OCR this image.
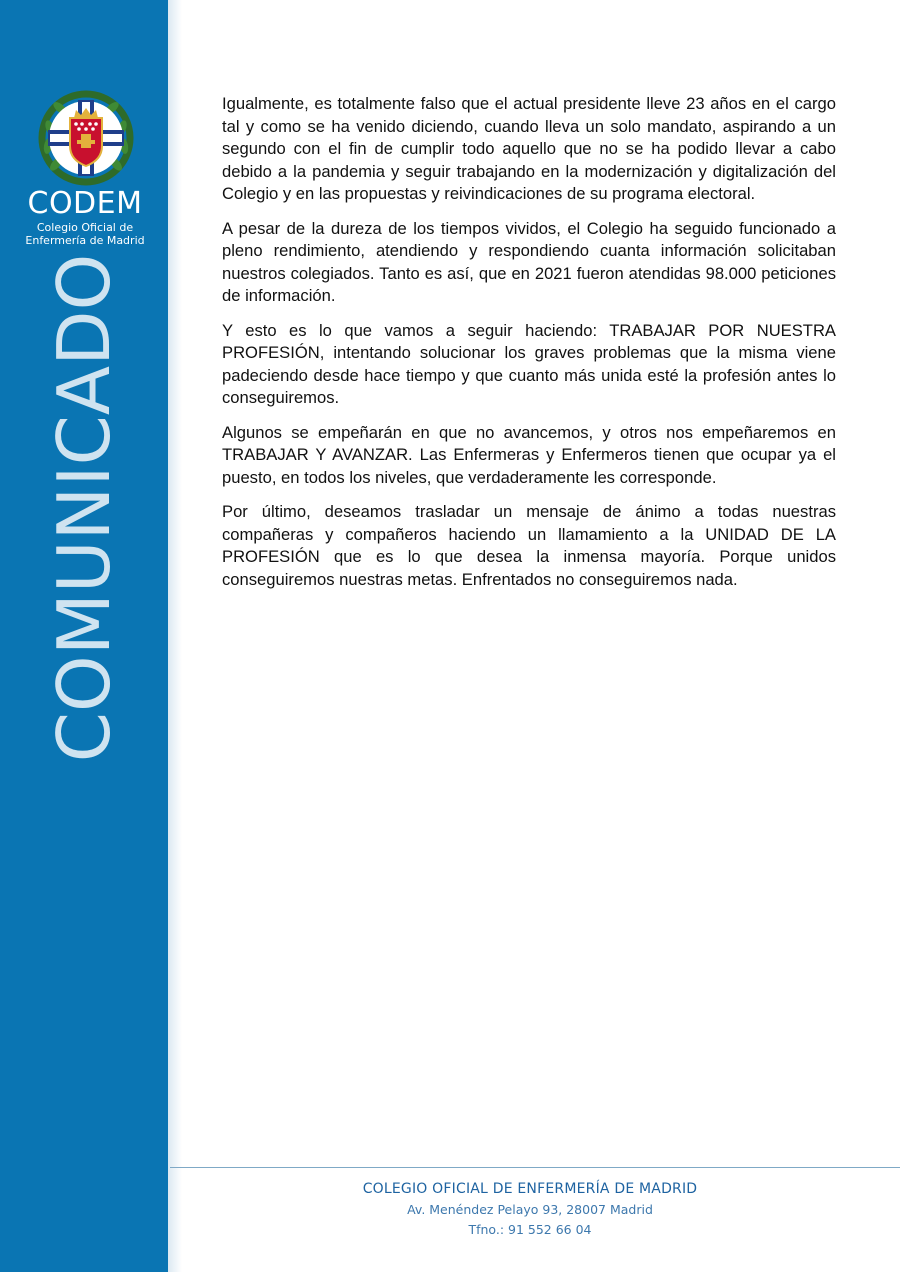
CODEM
Colegio Oficial de
Enfermería de Madrid
COMUNICADO

Igualmente, es totalmente falso que el actual presidente lleve 23 años en el cargo tal y como se ha venido diciendo, cuando lleva un solo mandato, aspirando a un segundo con el fin de cumplir todo aquello que no se ha podido llevar a cabo debido a la pandemia y seguir trabajando en la modernización y digitalización del Colegio y en las propuestas y reivindicaciones de su programa electoral.

A pesar de la dureza de los tiempos vividos, el Colegio ha seguido funcionado a pleno rendimiento, atendiendo y respondiendo cuanta información solicitaban nuestros colegiados. Tanto es así, que en 2021 fueron atendidas 98.000 peticiones de información.

Y esto es lo que vamos a seguir haciendo: TRABAJAR POR NUESTRA PROFESIÓN, intentando solucionar los graves problemas que la misma viene padeciendo desde hace tiempo y que cuanto más unida esté la profesión antes lo conseguiremos.

Algunos se empeñarán en que no avancemos, y otros nos empeñaremos en TRABAJAR Y AVANZAR. Las Enfermeras y Enfermeros tienen que ocupar ya el puesto, en todos los niveles, que verdaderamente les corresponde.

Por último, deseamos trasladar un mensaje de ánimo a todas nuestras compañeras y compañeros haciendo un llamamiento a la UNIDAD DE LA PROFESIÓN que es lo que desea la inmensa mayoría. Porque unidos conseguiremos nuestras metas. Enfrentados no conseguiremos nada.

COLEGIO OFICIAL DE ENFERMERÍA DE MADRID
Av. Menéndez Pelayo 93, 28007 Madrid
Tfno.: 91 552 66 04
